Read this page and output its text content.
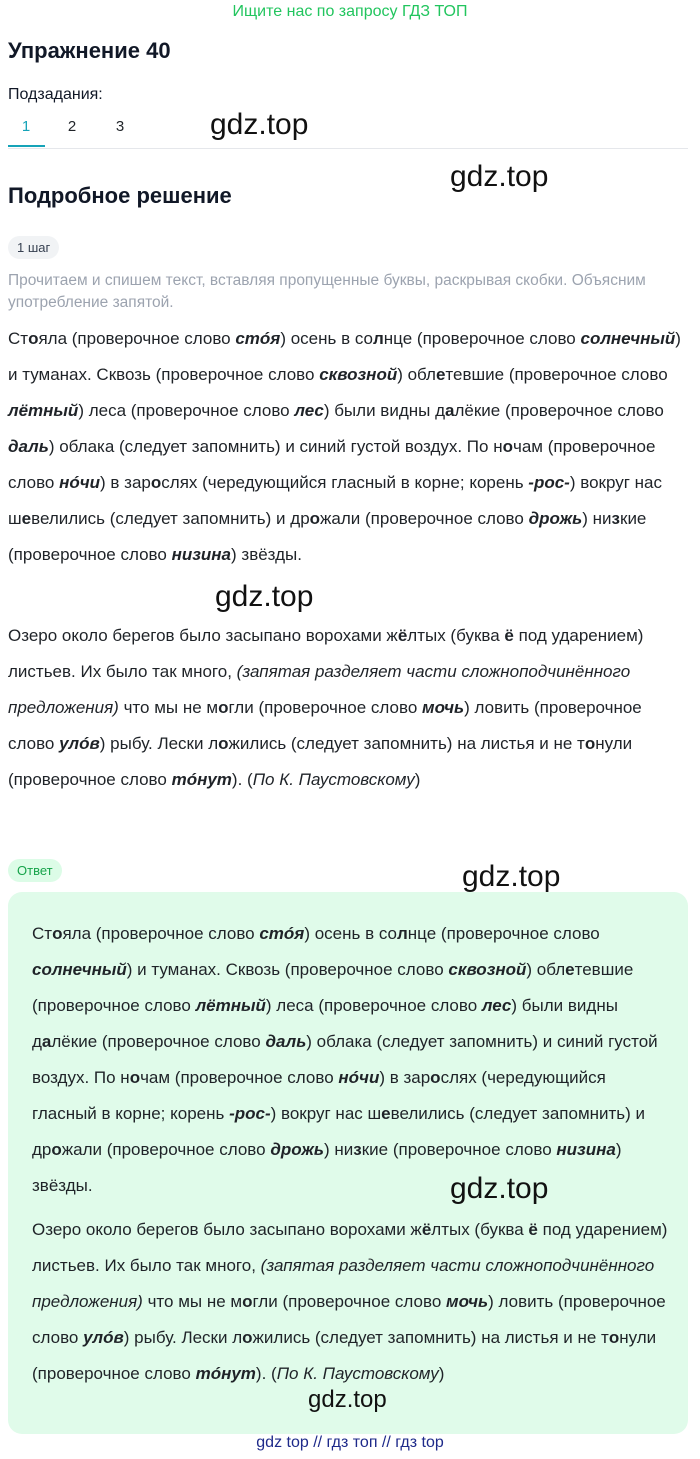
Ищите нас по запросу ГДЗ ТОП
Упражнение 40
Подзадания:
1	2	3	gdz.top
gdz.top
Подробное решение
1 шаг
Прочитаем и спишем текст, вставляя пропущенные буквы, раскрывая скобки. Объясним употребление запятой.
Стояла (проверочное слово стóя) осень в солнце (проверочное слово солнечный) и туманах. Сквозь (проверочное слово сквозной) облетевшие (проверочное слово лётный) леса (проверочное слово лес) были видны далёкие (проверочное слово даль) облака (следует запомнить) и синий густой воздух. По ночам (проверочное слово нóчи) в зарослях (чередующийся гласный в корне; корень -рос-) вокруг нас шевелились (следует запомнить) и дрожали (проверочное слово дрожь) низкие (проверочное слово низина) звёзды.
gdz.top
Озеро около берегов было засыпано ворохами жёлтых (буква ё под ударением) листьев. Их было так много, (запятая разделяет части сложноподчинённого предложения) что мы не могли (проверочное слово мочь) ловить (проверочное слово улóв) рыбу. Лески ложились (следует запомнить) на листья и не тонули (проверочное слово тóнут). (По К. Паустовскому)
Ответ
Стояла (проверочное слово стóя) осень в солнце (проверочное слово солнечный) и туманах. Сквозь (проверочное слово сквозной) облетевшие (проверочное слово лётный) леса (проверочное слово лес) были видны далёкие (проверочное слово даль) облака (следует запомнить) и синий густой воздух. По ночам (проверочное слово нóчи) в зарослях (чередующийся гласный в корне; корень -рос-) вокруг нас шевелились (следует запомнить) и дрожали (проверочное слово дрожь) низкие (проверочное слово низина) звёзды.
Озеро около берегов было засыпано ворохами жёлтых (буква ё под ударением) листьев. Их было так много, (запятая разделяет части сложноподчинённого предложения) что мы не могли (проверочное слово мочь) ловить (проверочное слово улóв) рыбу. Лески ложились (следует запомнить) на листья и не тонули (проверочное слово тóнут). (По К. Паустовскому)
gdz.top
gdz.top
gdz.top
gdz top // гдз топ // гдз top
